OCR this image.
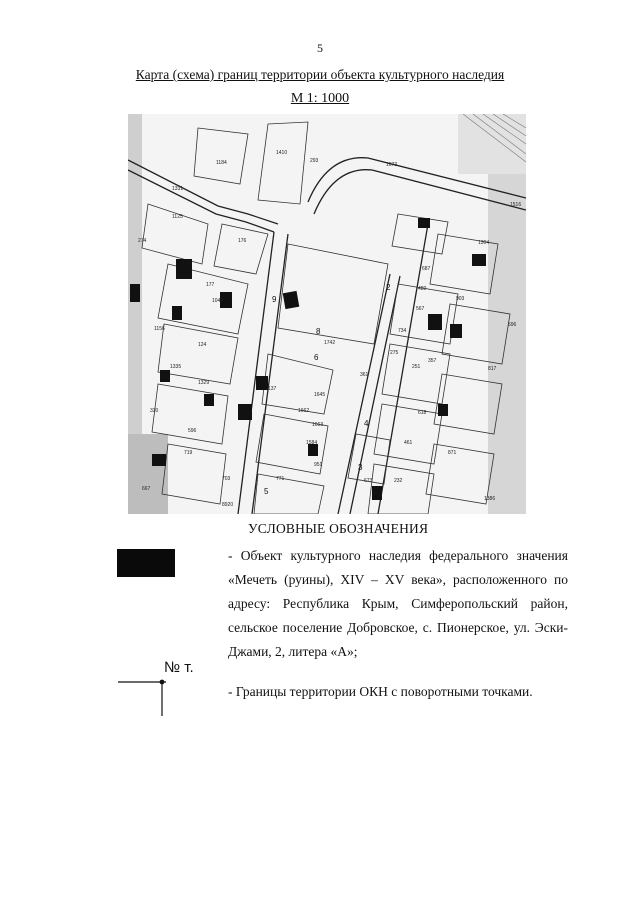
5
Карта (схема) границ территории объекта культурного наследия
М 1: 1000
1184
1410
293
1673
1331
1125
176
274
177
1044
1156
124
1335
1742
1329
137
1645
1662
1663
1584
330
596
719
951
667
703	771	673	232
361
275
734
567
687
480
1516
1304
903
596
817
871
357
618
461
251
1386
8920
2
9
6
8
4
3
5
УСЛОВНЫЕ ОБОЗНАЧЕНИЯ
- Объект культурного наследия федерального значения «Мечеть (руины), XIV – XV века», расположенного по адресу: Республика Крым, Симферопольский район, сельское поселение Добровское, с. Пионерское, ул. Эски-Джами, 2, литера «А»;
№ т.
- Границы территории ОКН с поворотными точками.
